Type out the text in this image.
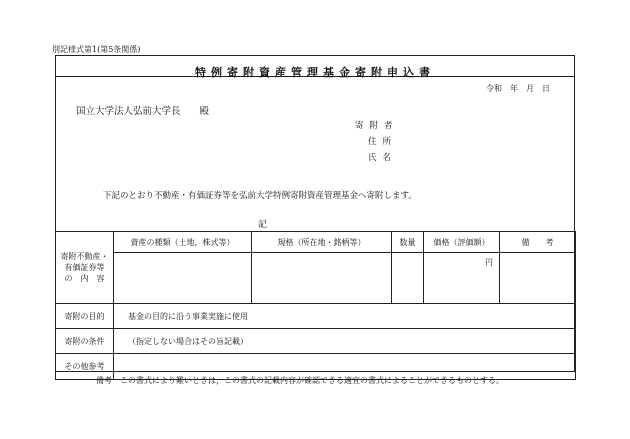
別記様式第1(第5条関係)
特例寄附資産管理基金寄附申込書
令和　年　月　日
国立大学法人弘前大学長　　殿
寄附者
住所
氏名
下記のとおり不動産・有価証券等を弘前大学特例寄附資産管理基金へ寄附します。
記
寄附不動産・
有価証券等
の　内　容	資産の種類（土地，株式等）	規格（所在地・銘柄等）	数量	価格（評価額）	備　　考
				円	
寄附の目的	基金の目的に沿う事業実施に使用				
寄附の条件	（指定しない場合はその旨記載）				
その他参考					
備考　この書式により難いときは，この書式の記載内容が確認できる適宜の書式によることができるものとする。
